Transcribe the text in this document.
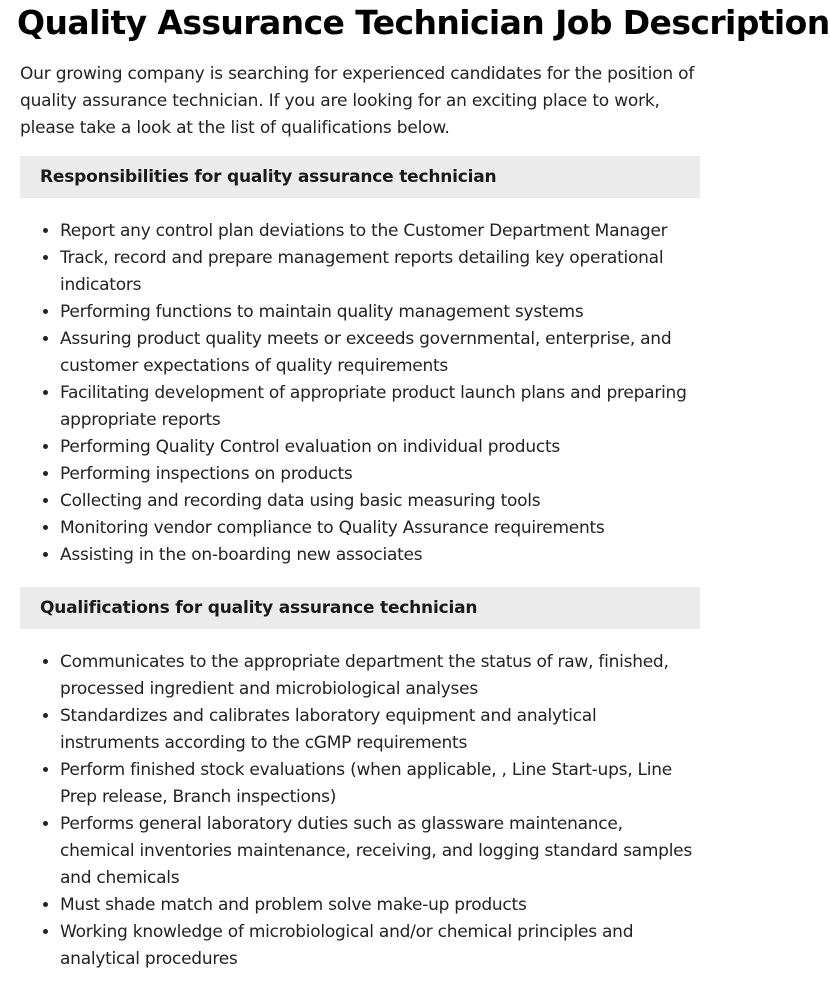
Quality Assurance Technician Job Description

Our growing company is searching for experienced candidates for the position of quality assurance technician. If you are looking for an exciting place to work, please take a look at the list of qualifications below.

Responsibilities for quality assurance technician
• Report any control plan deviations to the Customer Department Manager
• Track, record and prepare management reports detailing key operational indicators
• Performing functions to maintain quality management systems
• Assuring product quality meets or exceeds governmental, enterprise, and customer expectations of quality requirements
• Facilitating development of appropriate product launch plans and preparing appropriate reports
• Performing Quality Control evaluation on individual products
• Performing inspections on products
• Collecting and recording data using basic measuring tools
• Monitoring vendor compliance to Quality Assurance requirements
• Assisting in the on-boarding new associates
Qualifications for quality assurance technician
• Communicates to the appropriate department the status of raw, finished, processed ingredient and microbiological analyses
• Standardizes and calibrates laboratory equipment and analytical instruments according to the cGMP requirements
• Perform finished stock evaluations (when applicable, , Line Start-ups, Line Prep release, Branch inspections)
• Performs general laboratory duties such as glassware maintenance, chemical inventories maintenance, receiving, and logging standard samples and chemicals
• Must shade match and problem solve make-up products
• Working knowledge of microbiological and/or chemical principles and analytical procedures
